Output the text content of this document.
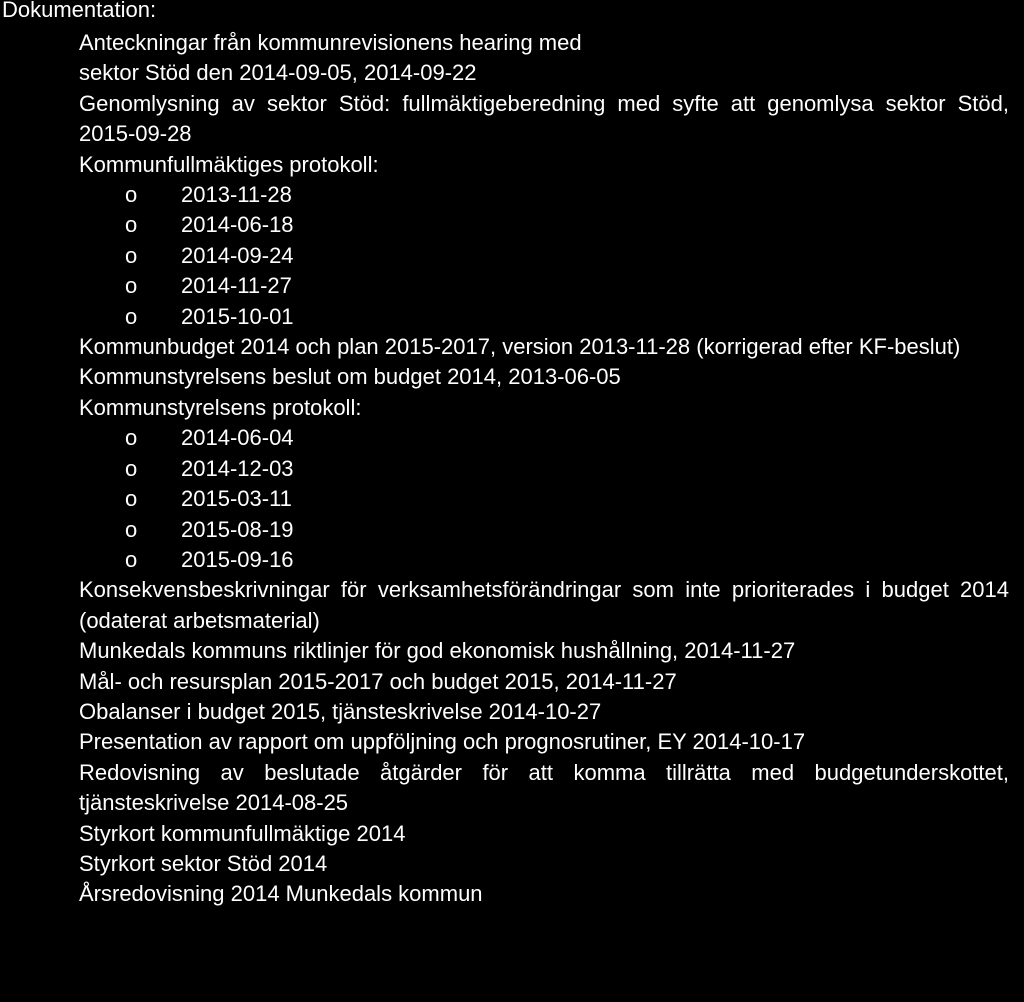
Dokumentation:
Anteckningar från kommunrevisionens hearing med
sektor Stöd den 2014-09-05, 2014-09-22
Genomlysning av sektor Stöd: fullmäktigeberedning med syfte att genomlysa sektor Stöd, 2015-09-28
Kommunfullmäktiges protokoll:
o	2013-11-28
o	2014-06-18
o	2014-09-24
o	2014-11-27
o	2015-10-01
Kommunbudget 2014 och plan 2015-2017, version 2013-11-28 (korrigerad efter KF-beslut)
Kommunstyrelsens beslut om budget 2014, 2013-06-05
Kommunstyrelsens protokoll:
o	2014-06-04
o	2014-12-03
o	2015-03-11
o	2015-08-19
o	2015-09-16
Konsekvensbeskrivningar för verksamhetsförändringar som inte prioriterades i budget 2014 (odaterat arbetsmaterial)
Munkedals kommuns riktlinjer för god ekonomisk hushållning, 2014-11-27
Mål- och resursplan 2015-2017 och budget 2015, 2014-11-27
Obalanser i budget 2015, tjänsteskrivelse 2014-10-27
Presentation av rapport om uppföljning och prognosrutiner, EY 2014-10-17
Redovisning av beslutade åtgärder för att komma tillrätta med budgetunderskottet, tjänsteskrivelse 2014-08-25
Styrkort kommunfullmäktige 2014
Styrkort sektor Stöd 2014
Årsredovisning 2014 Munkedals kommun
